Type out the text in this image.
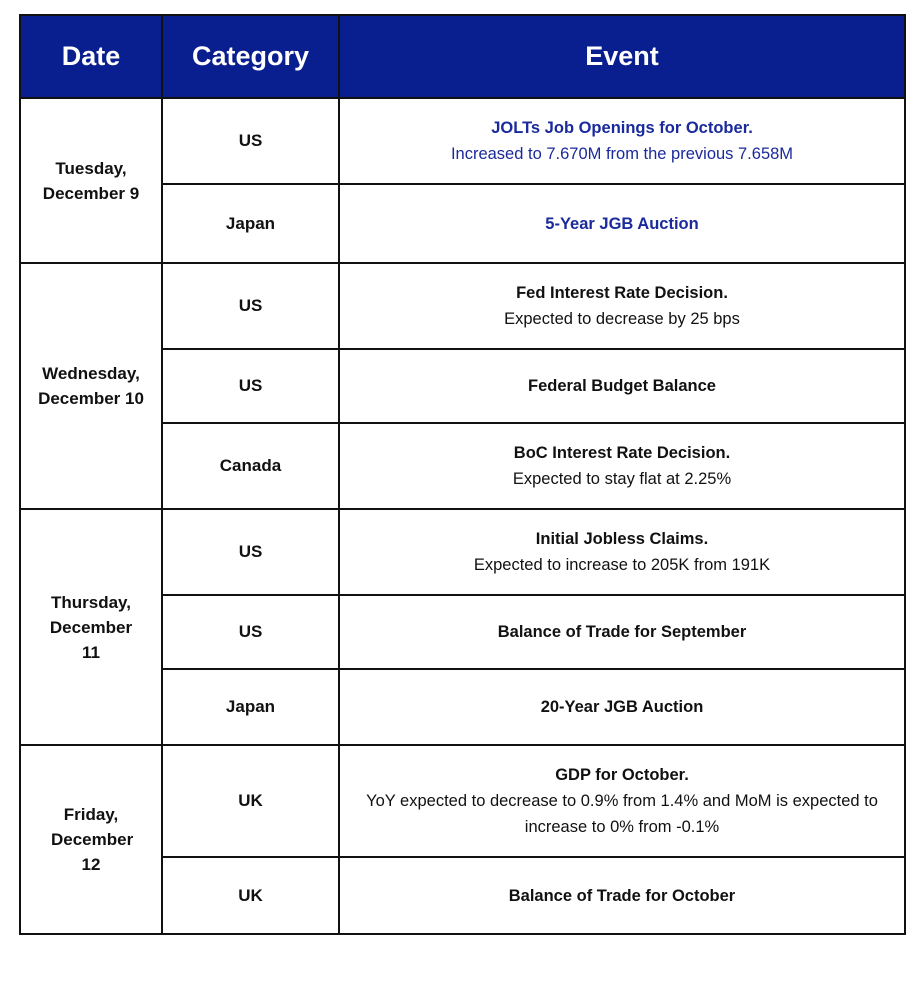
Date	Category	Event
Tuesday, December 9	US	JOLTs Job Openings for October.
Increased to 7.670M from the previous 7.658M

	Japan	5-Year JGB Auction

Wednesday, December 10	US	Fed Interest Rate Decision.
Expected to decrease by 25 bps

	US	Federal Budget Balance

	Canada	BoC Interest Rate Decision.
Expected to stay flat at 2.25%

Thursday, December 11	US	Initial Jobless Claims.
Expected to increase to 205K from 191K

	US	Balance of Trade for September

	Japan	20-Year JGB Auction

Friday, December 12	UK	GDP for October.
YoY expected to decrease to 0.9% from 1.4% and MoM is expected to increase to 0% from -0.1%

	UK	Balance of Trade for October
